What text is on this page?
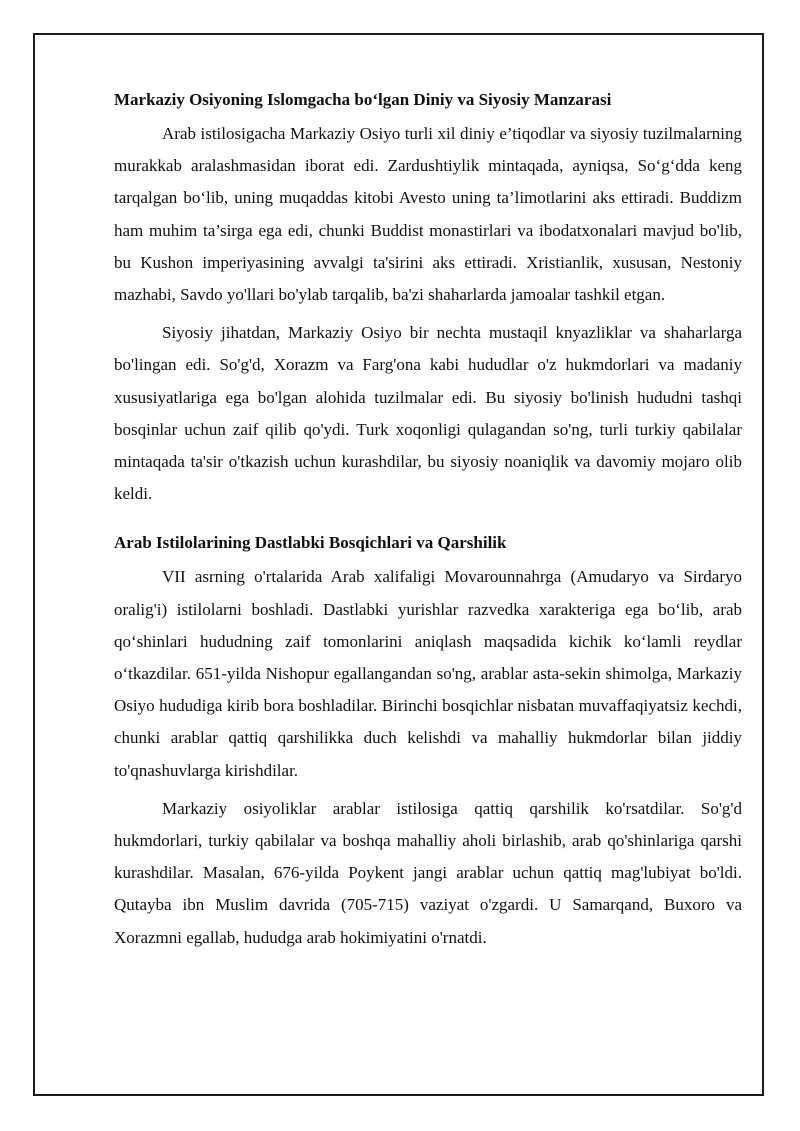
Markaziy Osiyoning Islomgacha bo‘lgan Diniy va Siyosiy Manzarasi

Arab istilosigacha Markaziy Osiyo turli xil diniy e’tiqodlar va siyosiy tuzilmalarning murakkab aralashmasidan iborat edi. Zardushtiylik mintaqada, ayniqsa, So‘g‘dda keng tarqalgan bo‘lib, uning muqaddas kitobi Avesto uning ta’limotlarini aks ettiradi. Buddizm ham muhim ta’sirga ega edi, chunki Buddist monastirlari va ibodatxonalari mavjud bo'lib, bu Kushon imperiyasining avvalgi ta'sirini aks ettiradi. Xristianlik, xususan, Nestoniy mazhabi, Savdo yo'llari bo'ylab tarqalib, ba'zi shaharlarda jamoalar tashkil etgan.

Siyosiy jihatdan, Markaziy Osiyo bir nechta mustaqil knyazliklar va shaharlarga bo'lingan edi. So'g'd, Xorazm va Farg'ona kabi hududlar o'z hukmdorlari va madaniy xususiyatlariga ega bo'lgan alohida tuzilmalar edi. Bu siyosiy bo'linish hududni tashqi bosqinlar uchun zaif qilib qo'ydi. Turk xoqonligi qulagandan so'ng, turli turkiy qabilalar mintaqada ta'sir o'tkazish uchun kurashdilar, bu siyosiy noaniqlik va davomiy mojaro olib keldi.

Arab Istilolarining Dastlabki Bosqichlari va Qarshilik

VII asrning o'rtalarida Arab xalifaligi Movarounnahrga (Amudaryo va Sirdaryo oralig'i) istilolarni boshladi. Dastlabki yurishlar razvedka xarakteriga ega bo‘lib, arab qo‘shinlari hududning zaif tomonlarini aniqlash maqsadida kichik ko‘lamli reydlar o‘tkazdilar. 651-yilda Nishopur egallangandan so'ng, arablar asta-sekin shimolga, Markaziy Osiyo hududiga kirib bora boshladilar. Birinchi bosqichlar nisbatan muvaffaqiyatsiz kechdi, chunki arablar qattiq qarshilikka duch kelishdi va mahalliy hukmdorlar bilan jiddiy to'qnashuvlarga kirishdilar.

Markaziy osiyoliklar arablar istilosiga qattiq qarshilik ko'rsatdilar. So'g'd hukmdorlari, turkiy qabilalar va boshqa mahalliy aholi birlashib, arab qo'shinlariga qarshi kurashdilar. Masalan, 676-yilda Poykent jangi arablar uchun qattiq mag'lubiyat bo'ldi. Qutayba ibn Muslim davrida (705-715) vaziyat o'zgardi. U Samarqand, Buxoro va Xorazmni egallab, hududga arab hokimiyatini o'rnatdi.
